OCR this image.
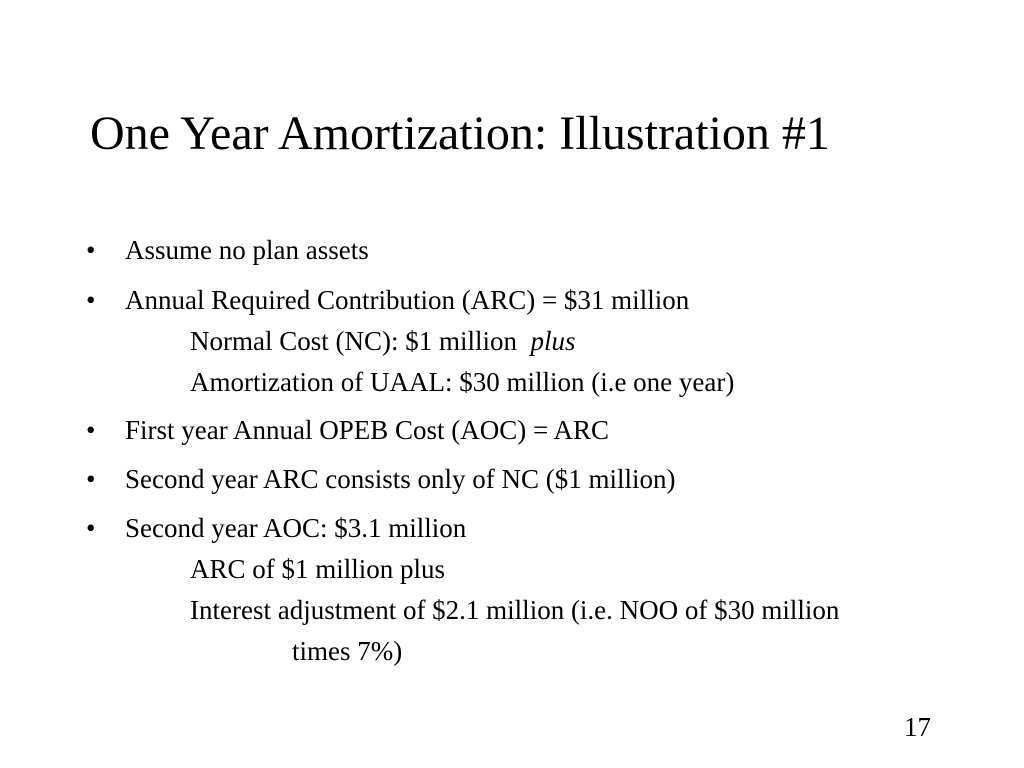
One Year Amortization: Illustration #1
• Assume no plan assets
• Annual Required Contribution (ARC) = $31 million
Normal Cost (NC): $1 million plus
Amortization of UAAL: $30 million (i.e one year)
• First year Annual OPEB Cost (AOC) = ARC
• Second year ARC consists only of NC ($1 million)
• Second year AOC: $3.1 million
ARC of $1 million plus
Interest adjustment of $2.1 million (i.e. NOO of $30 million
times 7%)
17
